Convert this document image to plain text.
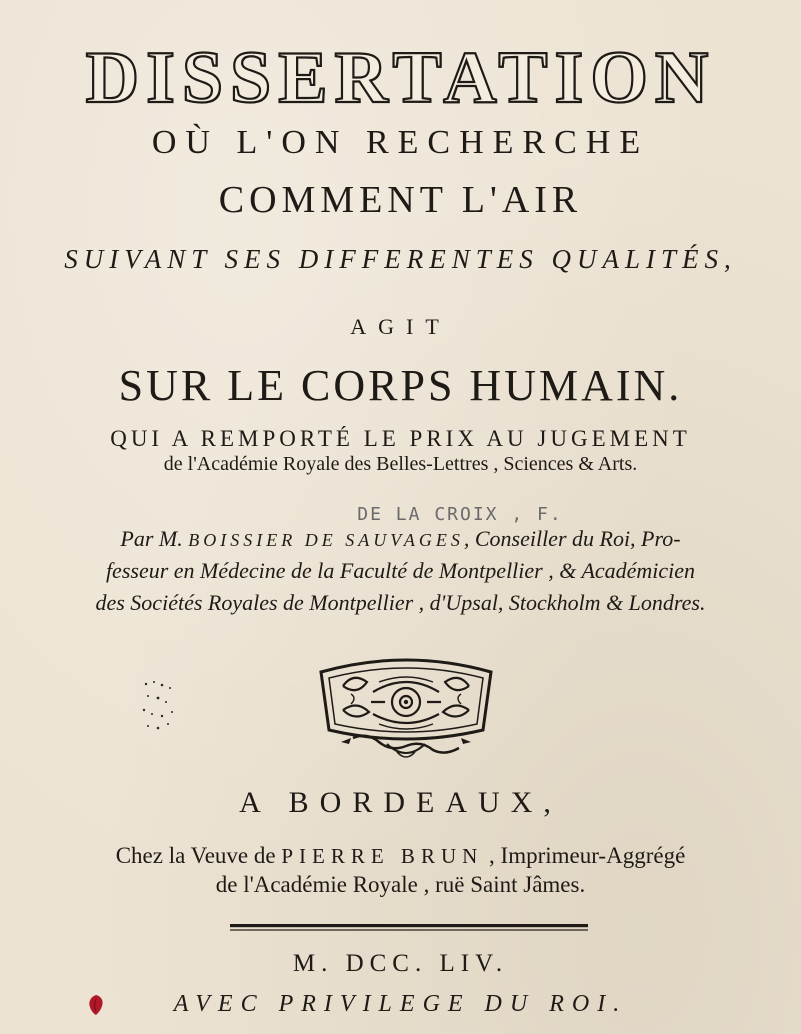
DISSERTATION
OÙ L'ON RECHERCHE
COMMENT L'AIR
SUIVANT SES DIFFERENTES QUALITÉS,
AGIT
SUR LE CORPS HUMAIN.
QUI A REMPORTÉ LE PRIX AU JUGEMENT
de l'Académie Royale des Belles-Lettres , Sciences & Arts.
DE LA CROIX , F.
Par M. BOISSIER DE SAUVAGES, Conseiller du Roi, Pro-
fesseur en Médecine de la Faculté de Montpellier , & Académicien
des Sociétés Royales de Montpellier , d'Upsal, Stockholm & Londres.
A BORDEAUX,
Chez la Veuve de PIERRE BRUN , Imprimeur-Aggrégé
de l'Académie Royale , ruë Saint Jâmes.
M. DCC. LIV.
AVEC PRIVILEGE DU ROI.
